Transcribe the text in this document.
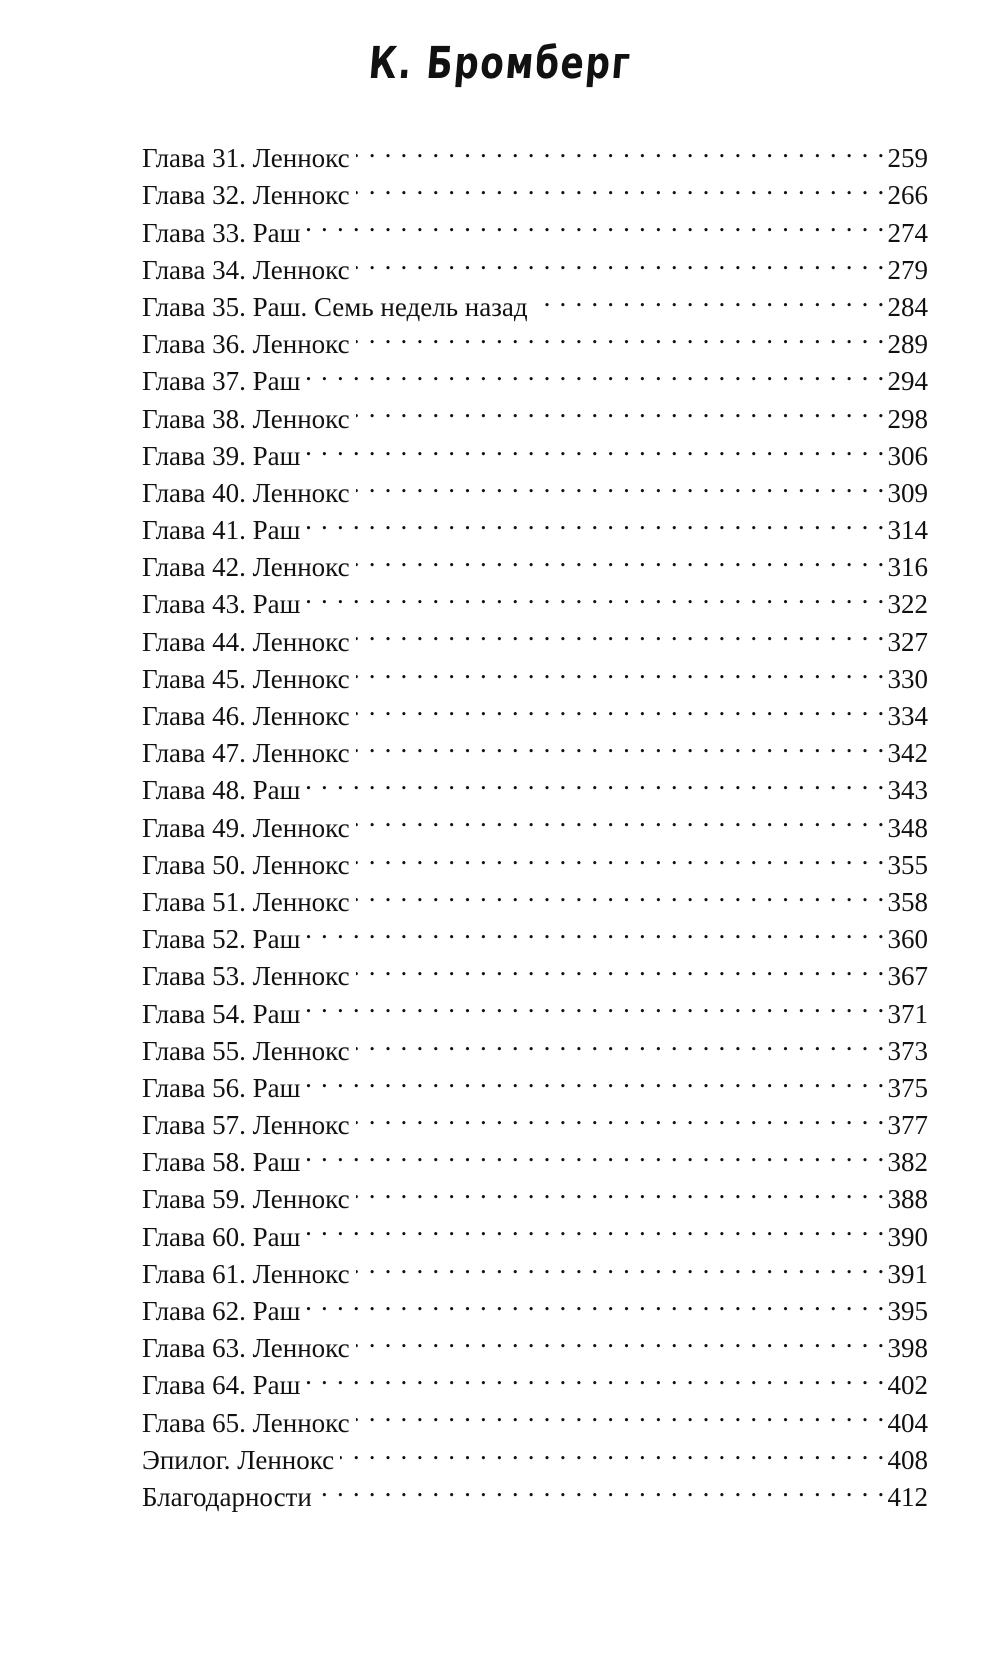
К. Бромберг
Глава 31. Леннокс . . .	259
Глава 32. Леннокс . . .	266
Глава 33. Раш . . .	274
Глава 34. Леннокс . . .	279
Глава 35. Раш. Семь недель назад . . .	284
Глава 36. Леннокс . . .	289
Глава 37. Раш . . .	294
Глава 38. Леннокс . . .	298
Глава 39. Раш . . .	306
Глава 40. Леннокс . . .	309
Глава 41. Раш . . .	314
Глава 42. Леннокс . . .	316
Глава 43. Раш . . .	322
Глава 44. Леннокс . . .	327
Глава 45. Леннокс . . .	330
Глава 46. Леннокс . . .	334
Глава 47. Леннокс . . .	342
Глава 48. Раш . . .	343
Глава 49. Леннокс . . .	348
Глава 50. Леннокс . . .	355
Глава 51. Леннокс . . .	358
Глава 52. Раш . . .	360
Глава 53. Леннокс . . .	367
Глава 54. Раш . . .	371
Глава 55. Леннокс . . .	373
Глава 56. Раш . . .	375
Глава 57. Леннокс . . .	377
Глава 58. Раш . . .	382
Глава 59. Леннокс . . .	388
Глава 60. Раш . . .	390
Глава 61. Леннокс . . .	391
Глава 62. Раш . . .	395
Глава 63. Леннокс . . .	398
Глава 64. Раш . . .	402
Глава 65. Леннокс . . .	404
Эпилог. Леннокс . . .	408
Благодарности . . .	412
